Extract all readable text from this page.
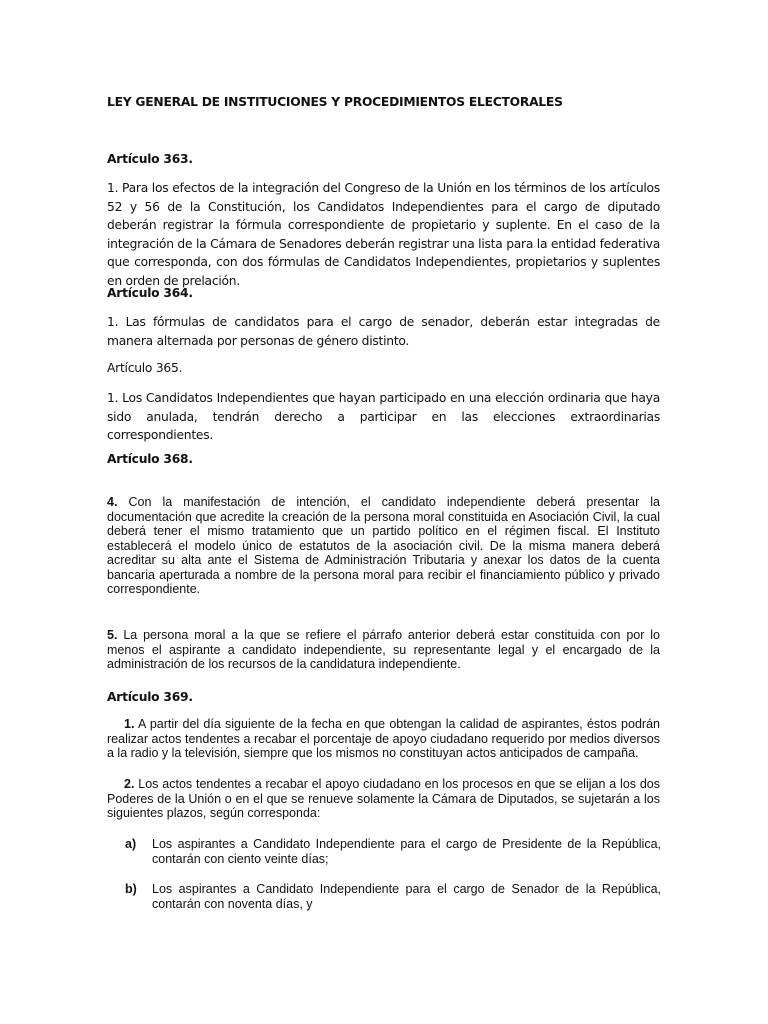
LEY GENERAL DE INSTITUCIONES Y PROCEDIMIENTOS ELECTORALES

Artículo 363.

1. Para los efectos de la integración del Congreso de la Unión en los términos de los artículos 52 y 56 de la Constitución, los Candidatos Independientes para el cargo de diputado deberán registrar la fórmula correspondiente de propietario y suplente. En el caso de la integración de la Cámara de Senadores deberán registrar una lista para la entidad federativa que corresponda, con dos fórmulas de Candidatos Independientes, propietarios y suplentes en orden de prelación.

Artículo 364.

1. Las fórmulas de candidatos para el cargo de senador, deberán estar integradas de manera alternada por personas de género distinto.

Artículo 365.

1. Los Candidatos Independientes que hayan participado en una elección ordinaria que haya sido anulada, tendrán derecho a participar en las elecciones extraordinarias correspondientes.

Artículo 368.

4. Con la manifestación de intención, el candidato independiente deberá presentar la documentación que acredite la creación de la persona moral constituida en Asociación Civil, la cual deberá tener el mismo tratamiento que un partido político en el régimen fiscal. El Instituto establecerá el modelo único de estatutos de la asociación civil. De la misma manera deberá acreditar su alta ante el Sistema de Administración Tributaria y anexar los datos de la cuenta bancaria aperturada a nombre de la persona moral para recibir el financiamiento público y privado correspondiente.

5. La persona moral a la que se refiere el párrafo anterior deberá estar constituida con por lo menos el aspirante a candidato independiente, su representante legal y el encargado de la administración de los recursos de la candidatura independiente.

Artículo 369.

1. A partir del día siguiente de la fecha en que obtengan la calidad de aspirantes, éstos podrán realizar actos tendentes a recabar el porcentaje de apoyo ciudadano requerido por medios diversos a la radio y la televisión, siempre que los mismos no constituyan actos anticipados de campaña.

2. Los actos tendentes a recabar el apoyo ciudadano en los procesos en que se elijan a los dos Poderes de la Unión o en el que se renueve solamente la Cámara de Diputados, se sujetarán a los siguientes plazos, según corresponda:

a) Los aspirantes a Candidato Independiente para el cargo de Presidente de la República, contarán con ciento veinte días;
b) Los aspirantes a Candidato Independiente para el cargo de Senador de la República, contarán con noventa días, y
